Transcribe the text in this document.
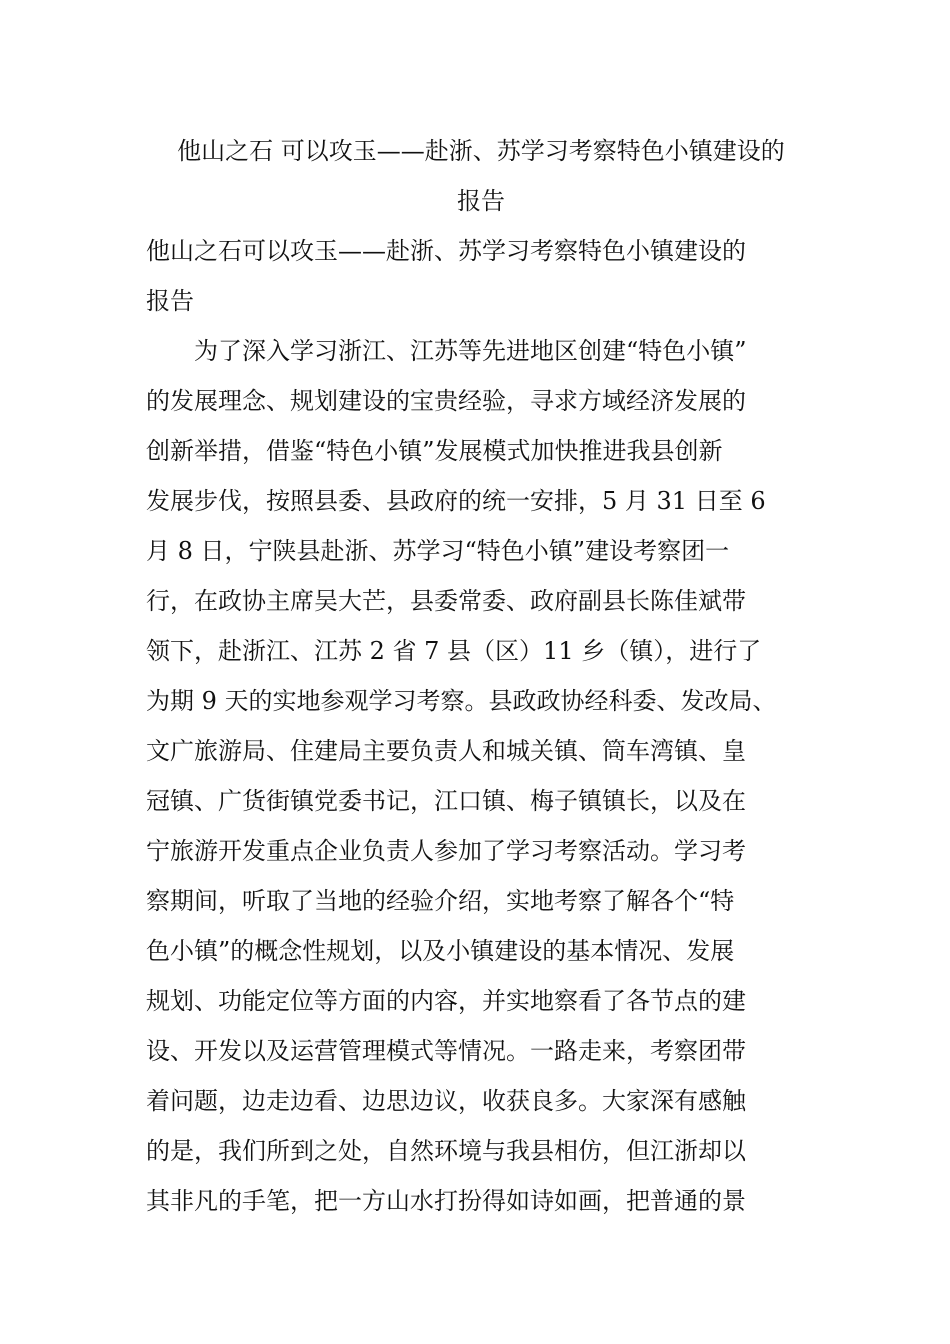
他山之石 可以攻玉——赴浙、苏学习考察特色小镇建设的
报告
他山之石可以攻玉——赴浙、苏学习考察特色小镇建设的
报告
为了深入学习浙江、江苏等先进地区创建“特色小镇”
的发展理念、规划建设的宝贵经验，寻求方域经济发展的
创新举措，借鉴“特色小镇”发展模式加快推进我县创新
发展步伐，按照县委、县政府的统一安排，5 月 31 日至 6
月 8 日，宁陕县赴浙、苏学习“特色小镇”建设考察团一
行，在政协主席吴大芒，县委常委、政府副县长陈佳斌带
领下，赴浙江、江苏 2 省 7 县（区）11 乡（镇），进行了
为期 9 天的实地参观学习考察。县政政协经科委、发改局、
文广旅游局、住建局主要负责人和城关镇、筒车湾镇、皇
冠镇、广货街镇党委书记，江口镇、梅子镇镇长，以及在
宁旅游开发重点企业负责人参加了学习考察活动。学习考
察期间，听取了当地的经验介绍，实地考察了解各个“特
色小镇”的概念性规划，以及小镇建设的基本情况、发展
规划、功能定位等方面的内容，并实地察看了各节点的建
设、开发以及运营管理模式等情况。一路走来，考察团带
着问题，边走边看、边思边议，收获良多。大家深有感触
的是，我们所到之处，自然环境与我县相仿，但江浙却以
其非凡的手笔，把一方山水打扮得如诗如画，把普通的景
